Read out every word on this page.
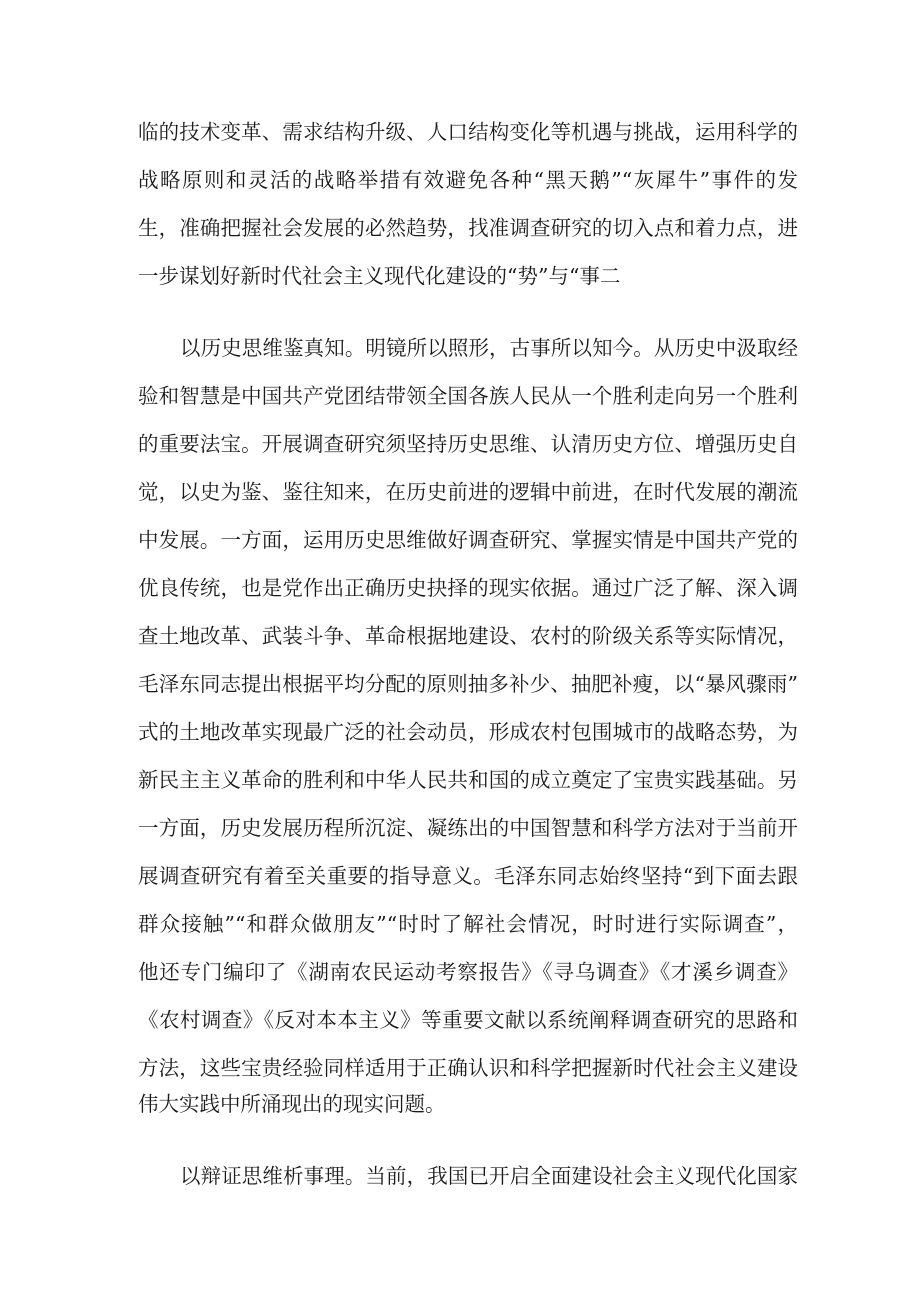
临的技术变革、需求结构升级、人口结构变化等机遇与挑战，运用科学的
战略原则和灵活的战略举措有效避免各种“黑天鹅”“灰犀牛”事件的发
生，准确把握社会发展的必然趋势，找准调查研究的切入点和着力点，进
一步谋划好新时代社会主义现代化建设的“势”与“事二
以历史思维鉴真知。明镜所以照形，古事所以知今。从历史中汲取经
验和智慧是中国共产党团结带领全国各族人民从一个胜利走向另一个胜利
的重要法宝。开展调查研究须坚持历史思维、认清历史方位、增强历史自
觉，以史为鉴、鉴往知来，在历史前进的逻辑中前进，在时代发展的潮流
中发展。一方面，运用历史思维做好调查研究、掌握实情是中国共产党的
优良传统，也是党作出正确历史抉择的现实依据。通过广泛了解、深入调
查土地改革、武装斗争、革命根据地建设、农村的阶级关系等实际情况，
毛泽东同志提出根据平均分配的原则抽多补少、抽肥补瘦，以“暴风骤雨”
式的土地改革实现最广泛的社会动员，形成农村包围城市的战略态势，为
新民主主义革命的胜利和中华人民共和国的成立奠定了宝贵实践基础。另
一方面，历史发展历程所沉淀、凝练出的中国智慧和科学方法对于当前开
展调查研究有着至关重要的指导意义。毛泽东同志始终坚持“到下面去跟
群众接触”“和群众做朋友”“时时了解社会情况，时时进行实际调查”，
他还专门编印了《湖南农民运动考察报告》《寻乌调查》《才溪乡调查》
《农村调查》《反对本本主义》等重要文献以系统阐释调查研究的思路和
方法，这些宝贵经验同样适用于正确认识和科学把握新时代社会主义建设
伟大实践中所涌现出的现实问题。
以辩证思维析事理。当前，我国已开启全面建设社会主义现代化国家
